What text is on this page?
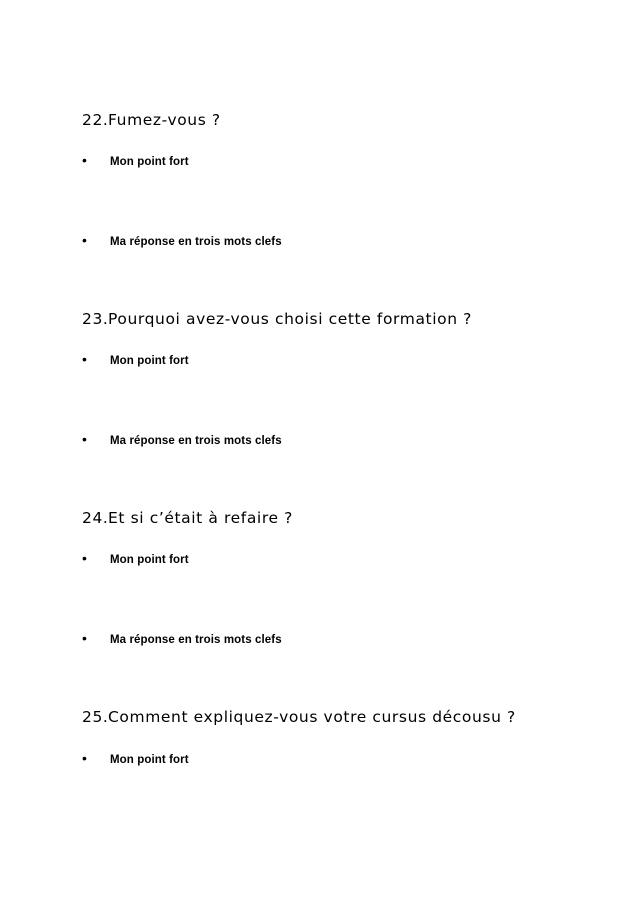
22.Fumez-vous ?
• Mon point fort
• Ma réponse en trois mots clefs
23.Pourquoi avez-vous choisi cette formation ?
• Mon point fort
• Ma réponse en trois mots clefs
24.Et si c’était à refaire ?
• Mon point fort
• Ma réponse en trois mots clefs
25.Comment expliquez-vous votre cursus décousu ?
• Mon point fort
